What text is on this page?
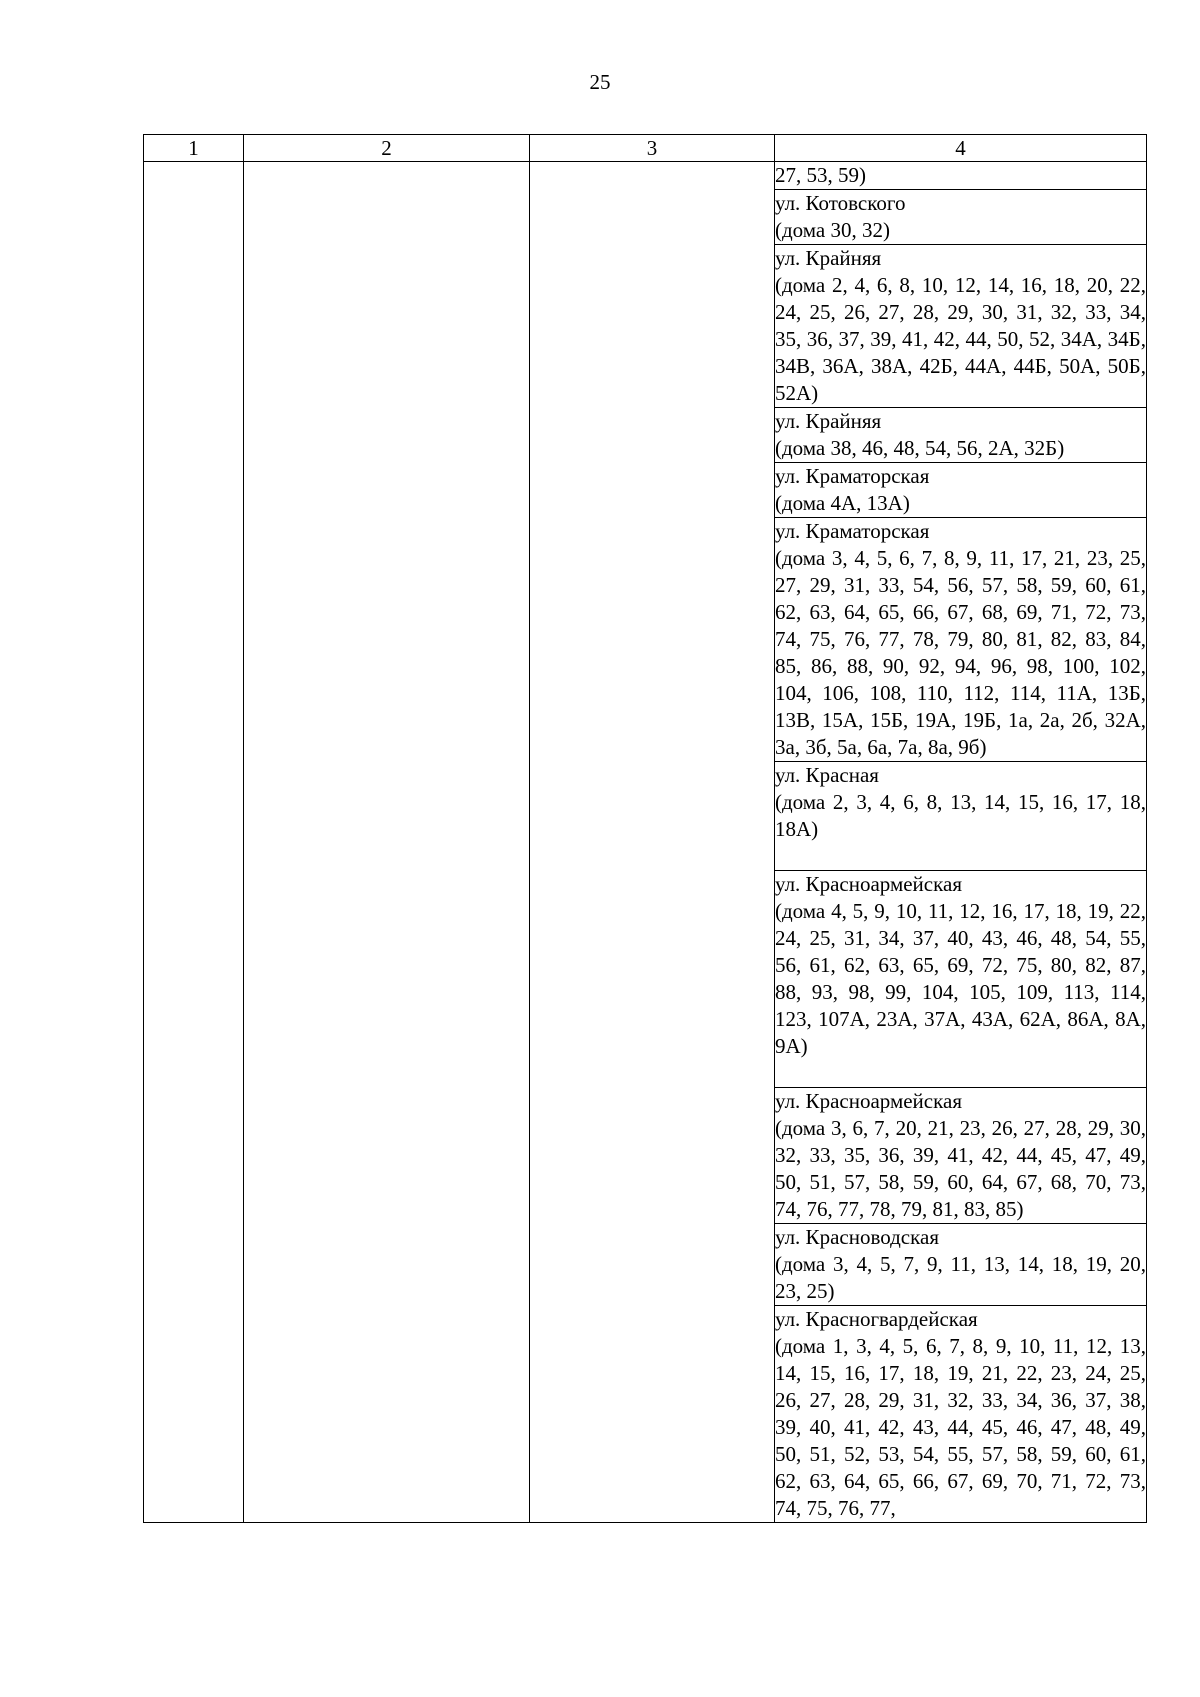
25
1	2	3	4

			27, 53, 59)

			ул. Котовского
(дома 30, 32)

			ул. Крайняя
(дома 2, 4, 6, 8, 10, 12, 14, 16, 18, 20, 22, 24, 25, 26, 27, 28, 29, 30, 31, 32, 33, 34, 35, 36, 37, 39, 41, 42, 44, 50, 52, 34А, 34Б, 34В, 36А, 38А, 42Б, 44А, 44Б, 50А, 50Б, 52А)

			ул. Крайняя
(дома 38, 46, 48, 54, 56, 2А, 32Б)

			ул. Краматорская
(дома 4А, 13А)

			ул. Краматорская
(дома 3, 4, 5, 6, 7, 8, 9, 11, 17, 21, 23, 25, 27, 29, 31, 33, 54, 56, 57, 58, 59, 60, 61, 62, 63, 64, 65, 66, 67, 68, 69, 71, 72, 73, 74, 75, 76, 77, 78, 79, 80, 81, 82, 83, 84, 85, 86, 88, 90, 92, 94, 96, 98, 100, 102, 104, 106, 108, 110, 112, 114, 11А, 13Б, 13В, 15А, 15Б, 19А, 19Б, 1а, 2а, 2б, 32А, 3а, 3б, 5а, 6а, 7а, 8а, 9б)

			ул. Красная
(дома 2, 3, 4, 6, 8, 13, 14, 15, 16, 17, 18, 18А)

			ул. Красноармейская
(дома 4, 5, 9, 10, 11, 12, 16, 17, 18, 19, 22, 24, 25, 31, 34, 37, 40, 43, 46, 48, 54, 55, 56, 61, 62, 63, 65, 69, 72, 75, 80, 82, 87, 88, 93, 98, 99, 104, 105, 109, 113, 114, 123, 107А, 23А, 37А, 43А, 62А, 86А, 8А, 9А)

			ул. Красноармейская
(дома 3, 6, 7, 20, 21, 23, 26, 27, 28, 29, 30, 32, 33, 35, 36, 39, 41, 42, 44, 45, 47, 49, 50, 51, 57, 58, 59, 60, 64, 67, 68, 70, 73, 74, 76, 77, 78, 79, 81, 83, 85)

			ул. Красноводская
(дома 3, 4, 5, 7, 9, 11, 13, 14, 18, 19, 20, 23, 25)

			ул. Красногвардейская
(дома 1, 3, 4, 5, 6, 7, 8, 9, 10, 11, 12, 13, 14, 15, 16, 17, 18, 19, 21, 22, 23, 24, 25, 26, 27, 28, 29, 31, 32, 33, 34, 36, 37, 38, 39, 40, 41, 42, 43, 44, 45, 46, 47, 48, 49, 50, 51, 52, 53, 54, 55, 57, 58, 59, 60, 61, 62, 63, 64, 65, 66, 67, 69, 70, 71, 72, 73, 74, 75, 76, 77,
